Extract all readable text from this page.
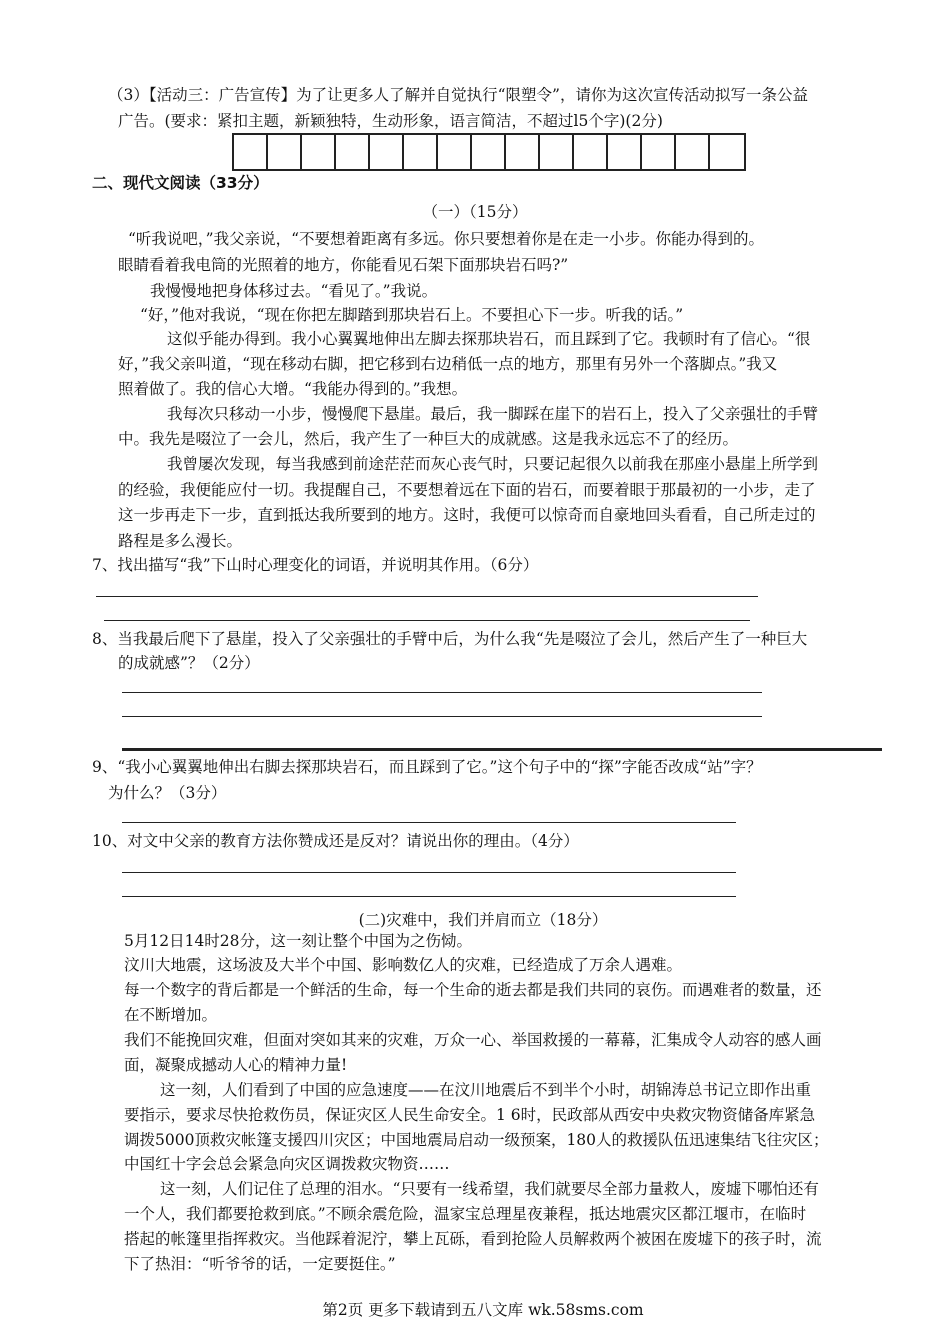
（3）【活动三：广告宣传】为了让更多人了解并自觉执行“限塑令”，请你为这次宣传活动拟写一条公益
广告。(要求：紧扣主题，新颖独特，生动形象，语言简洁，不超过l5个字)(2分)
二、现代文阅读（33分）
（一）（15分）
“听我说吧，”我父亲说，“不要想着距离有多远。你只要想着你是在走一小步。你能办得到的。
眼睛看着我电筒的光照着的地方，你能看见石架下面那块岩石吗?”
我慢慢地把身体移过去。“看见了。”我说。
“好，”他对我说，“现在你把左脚踏到那块岩石上。不要担心下一步。听我的话。”
这似乎能办得到。我小心翼翼地伸出左脚去探那块岩石，而且踩到了它。我顿时有了信心。“很
好，”我父亲叫道，“现在移动右脚，把它移到右边稍低一点的地方，那里有另外一个落脚点。”我又
照着做了。我的信心大增。“我能办得到的。”我想。
我每次只移动一小步，慢慢爬下悬崖。最后，我一脚踩在崖下的岩石上，投入了父亲强壮的手臂
中。我先是啜泣了一会儿，然后，我产生了一种巨大的成就感。这是我永远忘不了的经历。
我曾屡次发现，每当我感到前途茫茫而灰心丧气时，只要记起很久以前我在那座小悬崖上所学到
的经验，我便能应付一切。我提醒自己，不要想着远在下面的岩石，而要着眼于那最初的一小步，走了
这一步再走下一步，直到抵达我所要到的地方。这时，我便可以惊奇而自豪地回头看看，自己所走过的
路程是多么漫长。
7、找出描写“我”下山时心理变化的词语，并说明其作用。（6分）
8、当我最后爬下了悬崖，投入了父亲强壮的手臂中后，为什么我“先是啜泣了会儿，然后产生了一种巨大
的成就感”？（2分）
9、“我小心翼翼地伸出右脚去探那块岩石，而且踩到了它。”这个句子中的“探”字能否改成“站”字？
为什么？（3分）
10、对文中父亲的教育方法你赞成还是反对？请说出你的理由。（4分）
(二)灾难中，我们并肩而立（18分）
5月12日14时28分，这一刻让整个中国为之伤恸。
汶川大地震，这场波及大半个中国、影响数亿人的灾难，已经造成了万余人遇难。
每一个数字的背后都是一个鲜活的生命，每一个生命的逝去都是我们共同的哀伤。而遇难者的数量，还
在不断增加。
我们不能挽回灾难，但面对突如其来的灾难，万众一心、举国救援的一幕幕，汇集成令人动容的感人画
面，凝聚成撼动人心的精神力量!
这一刻，人们看到了中国的应急速度——在汶川地震后不到半个小时，胡锦涛总书记立即作出重
要指示，要求尽快抢救伤员，保证灾区人民生命安全。1 6时，民政部从西安中央救灾物资储备库紧急
调拨5000顶救灾帐篷支援四川灾区；中国地震局启动一级预案，180人的救援队伍迅速集结飞往灾区；
中国红十字会总会紧急向灾区调拨救灾物资……
这一刻，人们记住了总理的泪水。“只要有一线希望，我们就要尽全部力量救人，废墟下哪怕还有
一个人，我们都要抢救到底。”不顾余震危险，温家宝总理星夜兼程，抵达地震灾区都江堰市，在临时
搭起的帐篷里指挥救灾。当他踩着泥泞，攀上瓦砾，看到抢险人员解救两个被困在废墟下的孩子时，流
下了热泪：“听爷爷的话，一定要挺住。”
第2页 更多下载请到五八文库 wk.58sms.com
